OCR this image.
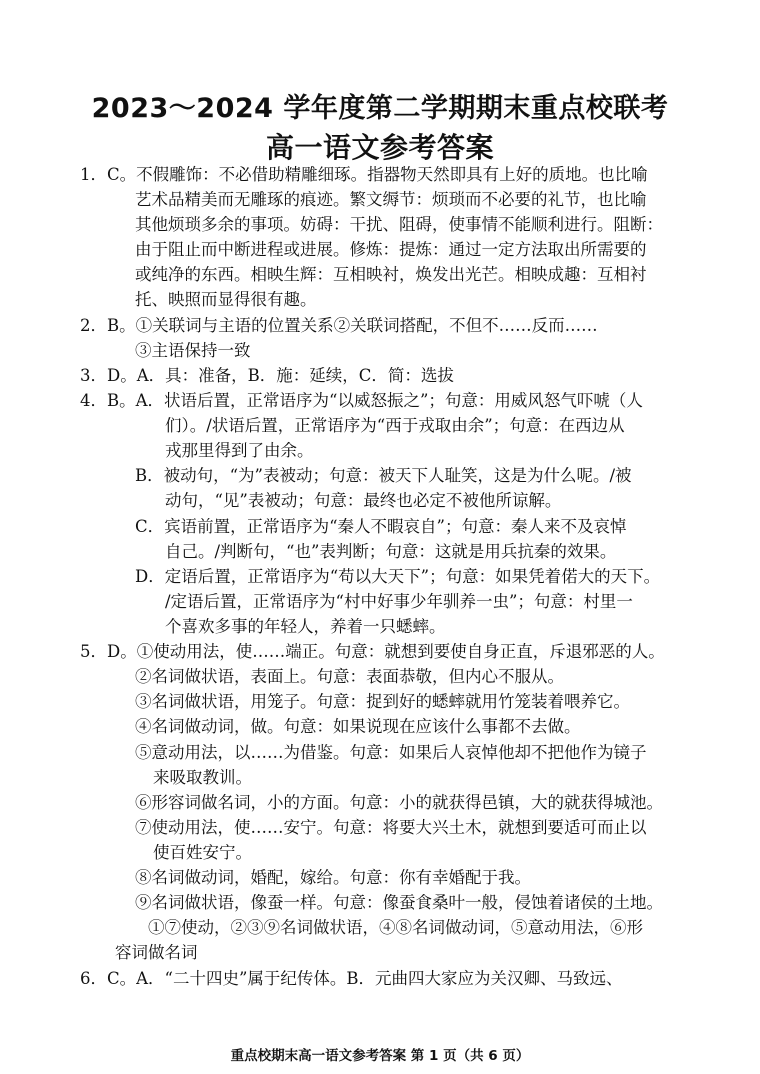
2023～2024 学年度第二学期期末重点校联考
高一语文参考答案
1．C。不假雕饰：不必借助精雕细琢。指器物天然即具有上好的质地。也比喻
艺术品精美而无雕琢的痕迹。繁文缛节：烦琐而不必要的礼节，也比喻
其他烦琐多余的事项。妨碍：干扰、阻碍，使事情不能顺利进行。阻断：
由于阻止而中断进程或进展。修炼：提炼：通过一定方法取出所需要的
或纯净的东西。相映生辉：互相映衬，焕发出光芒。相映成趣：互相衬
托、映照而显得很有趣。
2．B。①关联词与主语的位置关系②关联词搭配，不但不……反而……
③主语保持一致
3．D。A．具：准备，B．施：延续，C．简：选拔
4．B。A．状语后置，正常语序为“以威怒振之”；句意：用威风怒气吓唬（人
们）。/状语后置，正常语序为“西于戎取由余”；句意：在西边从
戎那里得到了由余。
B．被动句，“为”表被动；句意：被天下人耻笑，这是为什么呢。/被
动句，“见”表被动；句意：最终也必定不被他所谅解。
C．宾语前置，正常语序为“秦人不暇哀自”；句意：秦人来不及哀悼
自己。/判断句，“也”表判断；句意：这就是用兵抗秦的效果。
D．定语后置，正常语序为“苟以大天下”；句意：如果凭着偌大的天下。
/定语后置，正常语序为“村中好事少年驯养一虫”；句意：村里一
个喜欢多事的年轻人，养着一只蟋蟀。
5．D。①使动用法，使……端正。句意：就想到要使自身正直，斥退邪恶的人。
②名词做状语，表面上。句意：表面恭敬，但内心不服从。
③名词做状语，用笼子。句意：捉到好的蟋蟀就用竹笼装着喂养它。
④名词做动词，做。句意：如果说现在应该什么事都不去做。
⑤意动用法，以……为借鉴。句意：如果后人哀悼他却不把他作为镜子
来吸取教训。
⑥形容词做名词，小的方面。句意：小的就获得邑镇，大的就获得城池。
⑦使动用法，使……安宁。句意：将要大兴土木，就想到要适可而止以
使百姓安宁。
⑧名词做动词，婚配，嫁给。句意：你有幸婚配于我。
⑨名词做状语，像蚕一样。句意：像蚕食桑叶一般，侵蚀着诸侯的土地。
①⑦使动，②③⑨名词做状语，④⑧名词做动词，⑤意动用法，⑥形
容词做名词
6．C。A．“二十四史”属于纪传体。B．元曲四大家应为关汉卿、马致远、
重点校期末高一语文参考答案 第 1 页（共 6 页）
